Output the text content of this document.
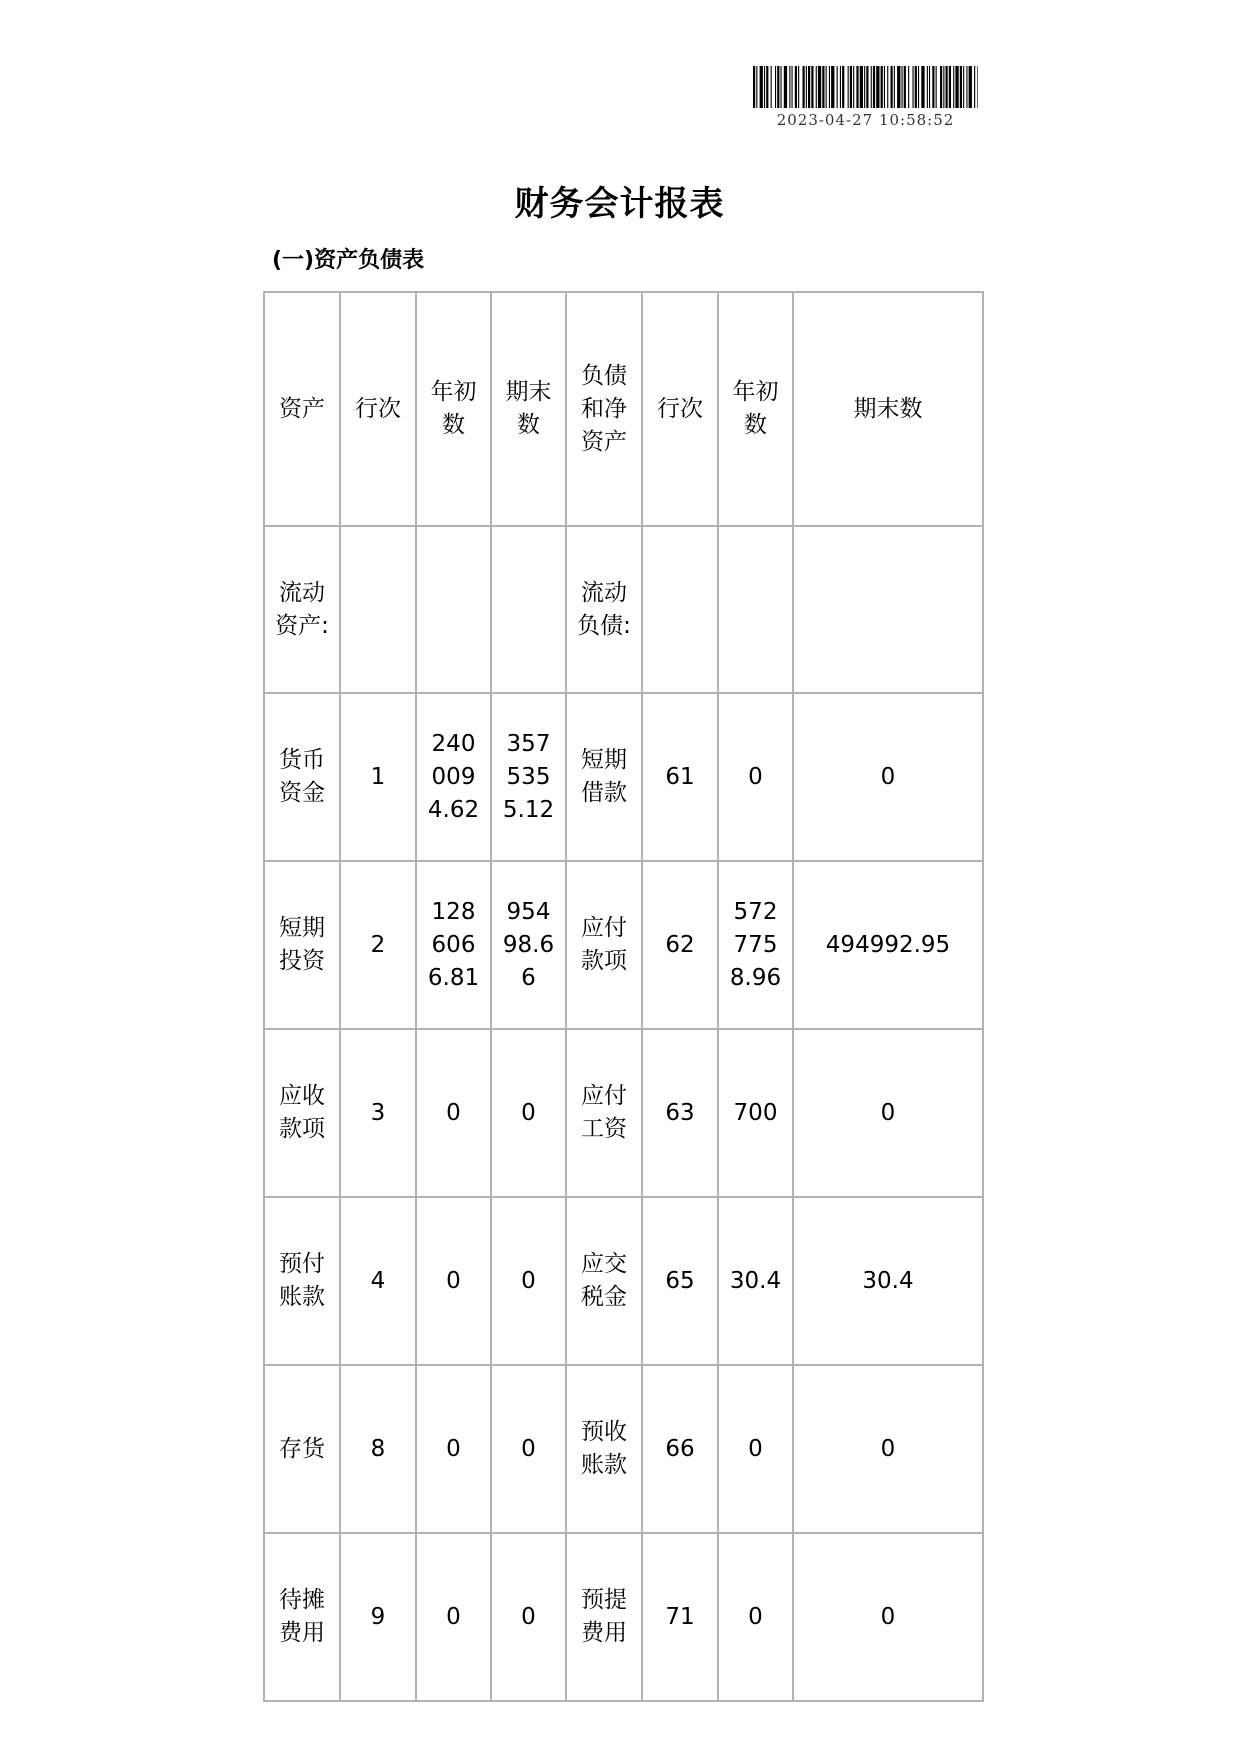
2023-04-27 10:58:52
财务会计报表
(一)资产负债表
资产	行次	年初数	期末数	负债和净资产	行次	年初数	期末数
流动资产:				流动负债:			
货币资金	1	2400094.62	3575355.12	短期借款	61	0	0
短期投资	2	1286066.81	95498.66	应付款项	62	5727758.96	494992.95
应收款项	3	0	0	应付工资	63	700	0
预付账款	4	0	0	应交税金	65	30.4	30.4
存货	8	0	0	预收账款	66	0	0
待摊费用	9	0	0	预提费用	71	0	0
